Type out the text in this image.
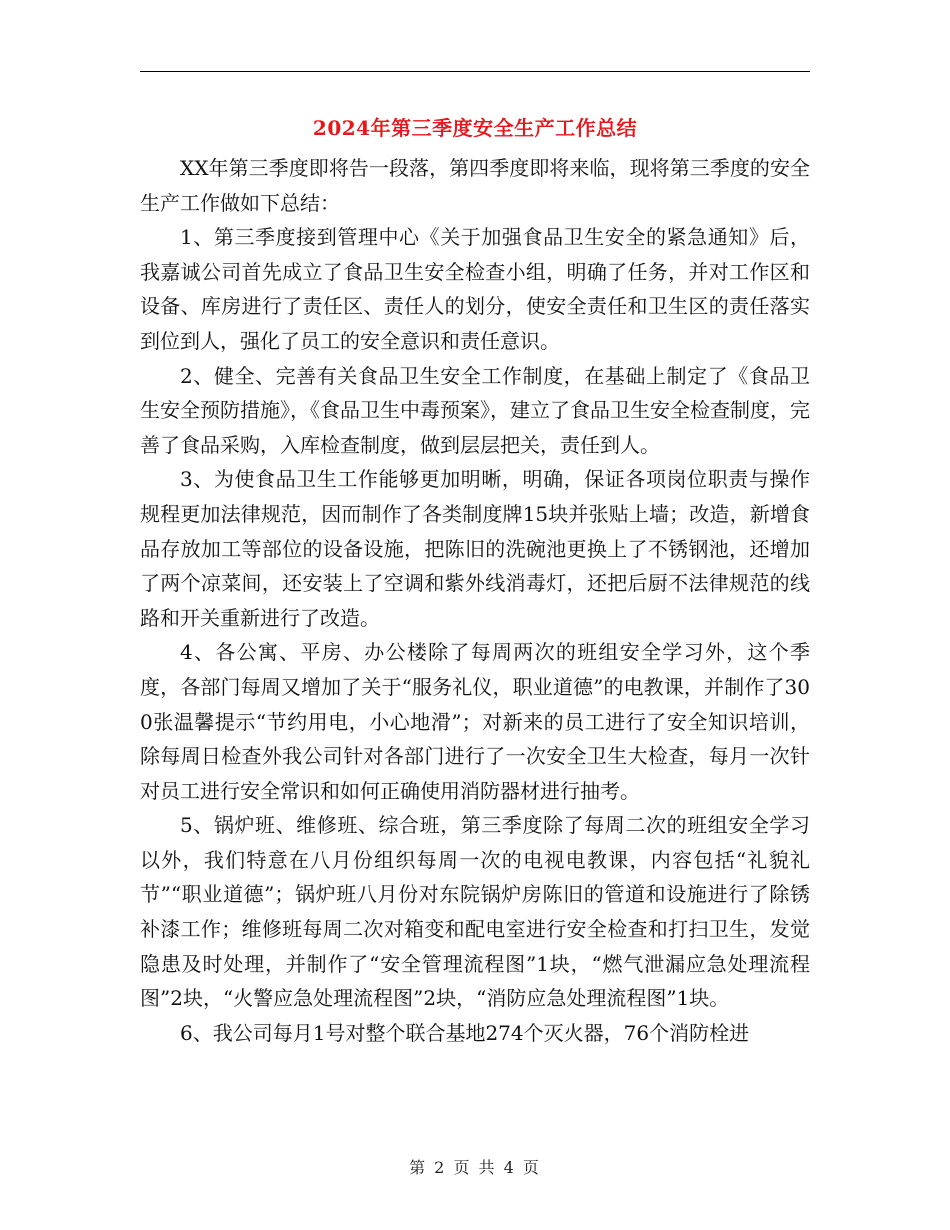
2024年第三季度安全生产工作总结

XX年第三季度即将告一段落，第四季度即将来临，现将第三季度的安全生产工作做如下总结：

1、第三季度接到管理中心《关于加强食品卫生安全的紧急通知》后，我嘉诚公司首先成立了食品卫生安全检查小组，明确了任务，并对工作区和设备、库房进行了责任区、责任人的划分，使安全责任和卫生区的责任落实到位到人，强化了员工的安全意识和责任意识。

2、健全、完善有关食品卫生安全工作制度，在基础上制定了《食品卫生安全预防措施》，《食品卫生中毒预案》，建立了食品卫生安全检查制度，完善了食品采购，入库检查制度，做到层层把关，责任到人。

3、为使食品卫生工作能够更加明晰，明确，保证各项岗位职责与操作规程更加法律规范，因而制作了各类制度牌15块并张贴上墙；改造，新增食品存放加工等部位的设备设施，把陈旧的洗碗池更换上了不锈钢池，还增加了两个凉菜间，还安装上了空调和紫外线消毒灯，还把后厨不法律规范的线路和开关重新进行了改造。

4、各公寓、平房、办公楼除了每周两次的班组安全学习外，这个季度，各部门每周又增加了关于“服务礼仪，职业道德”的电教课，并制作了300张温馨提示“节约用电，小心地滑”；对新来的员工进行了安全知识培训，除每周日检查外我公司针对各部门进行了一次安全卫生大检查，每月一次针对员工进行安全常识和如何正确使用消防器材进行抽考。

5、锅炉班、维修班、综合班，第三季度除了每周二次的班组安全学习以外，我们特意在八月份组织每周一次的电视电教课，内容包括“礼貌礼节”“职业道德”；锅炉班八月份对东院锅炉房陈旧的管道和设施进行了除锈补漆工作；维修班每周二次对箱变和配电室进行安全检查和打扫卫生，发觉隐患及时处理，并制作了“安全管理流程图”1块，“燃气泄漏应急处理流程图”2块，“火警应急处理流程图”2块，“消防应急处理流程图”1块。

6、我公司每月1号对整个联合基地274个灭火器，76个消防栓进

第 2 页 共 4 页
